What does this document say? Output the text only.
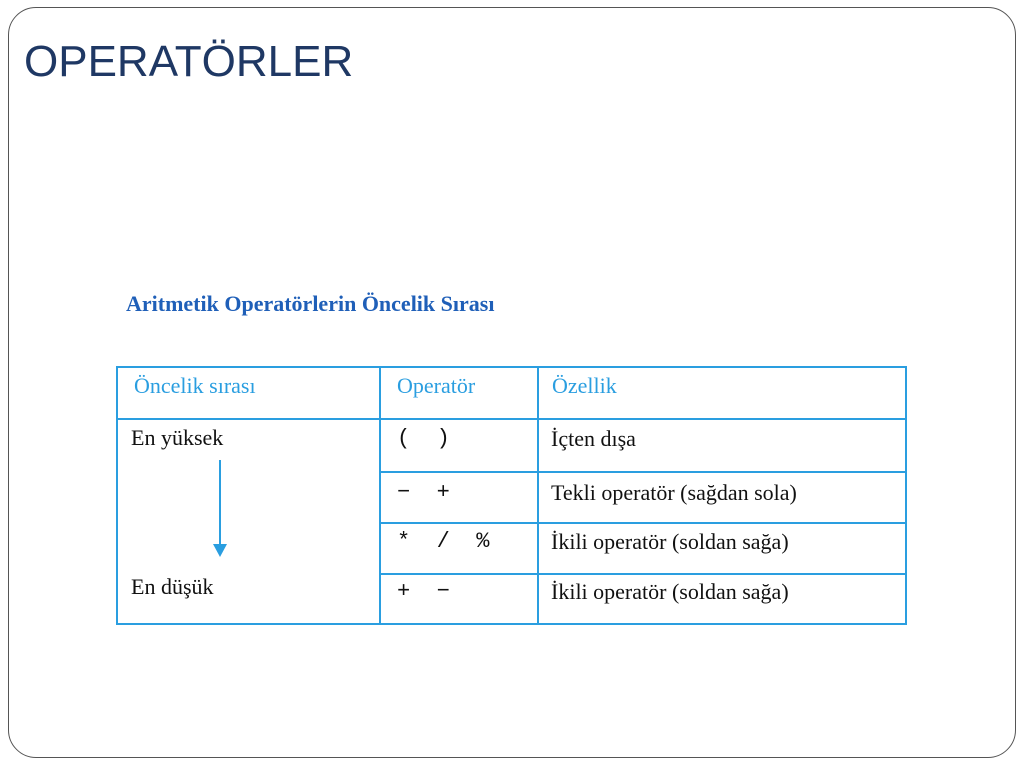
OPERATÖRLER
Aritmetik Operatörlerin Öncelik Sırası
Öncelik sırası	Operatör	Özellik
En yüksek
En düşük
(  )	İçten dışa
−  +	Tekli operatör (sağdan sola)
*  /  %	İkili operatör (soldan sağa)
+  −	İkili operatör (soldan sağa)
